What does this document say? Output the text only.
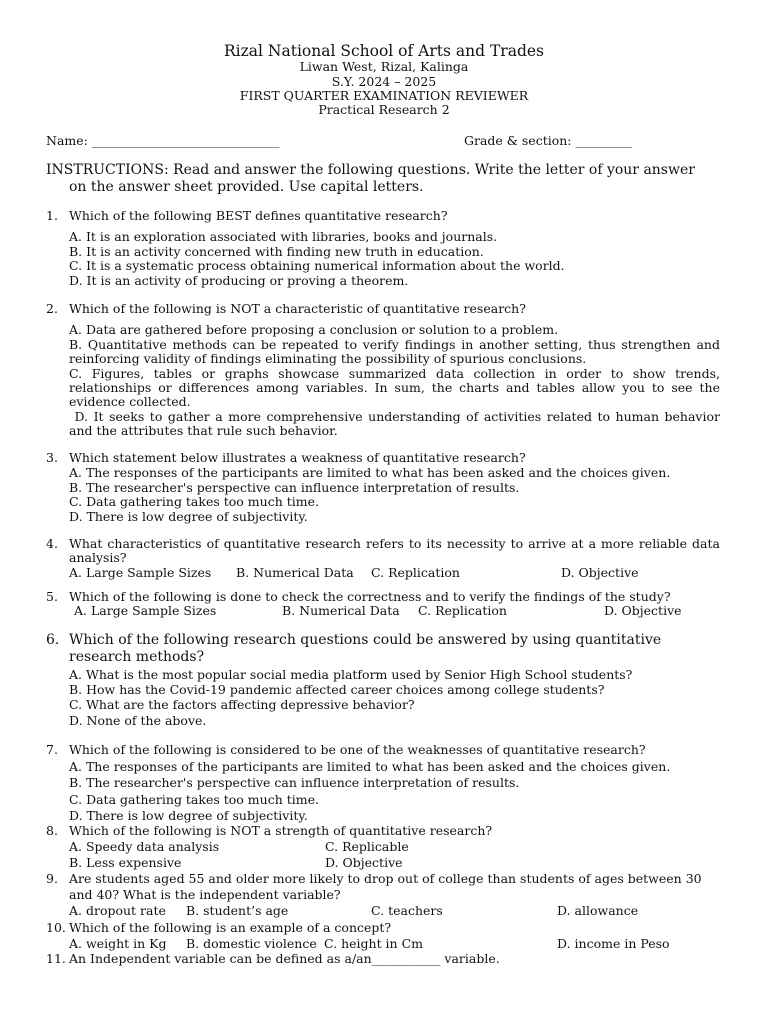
Rizal National School of Arts and Trades
Liwan West, Rizal, Kalinga
S.Y. 2024 – 2025
FIRST QUARTER EXAMINATION REVIEWER
Practical Research 2
Name: ______________________________	Grade & section: _________
INSTRUCTIONS: Read and answer the following questions. Write the letter of your answer
on the answer sheet provided. Use capital letters.
1. Which of the following BEST defines quantitative research?
A. It is an exploration associated with libraries, books and journals.
B. It is an activity concerned with finding new truth in education.
C. It is a systematic process obtaining numerical information about the world.
D. It is an activity of producing or proving a theorem.
2. Which of the following is NOT a characteristic of quantitative research?
A. Data are gathered before proposing a conclusion or solution to a problem.
B. Quantitative methods can be repeated to verify findings in another setting, thus strengthen and reinforcing validity of findings eliminating the possibility of spurious conclusions.
C. Figures, tables or graphs showcase summarized data collection in order to show trends, relationships or differences among variables. In sum, the charts and tables allow you to see the evidence collected.
D. It seeks to gather a more comprehensive understanding of activities related to human behavior and the attributes that rule such behavior.
3. Which statement below illustrates a weakness of quantitative research?
A. The responses of the participants are limited to what has been asked and the choices given.
B. The researcher's perspective can influence interpretation of results.
C. Data gathering takes too much time.
D. There is low degree of subjectivity.
4. What characteristics of quantitative research refers to its necessity to arrive at a more reliable data analysis?
A. Large Sample Sizes B. Numerical Data C. Replication	D. Objective
5. Which of the following is done to check the correctness and to verify the findings of the study?
A. Large Sample Sizes	B. Numerical Data C. Replication	D. Objective
6. Which of the following research questions could be answered by using quantitative research methods?
A. What is the most popular social media platform used by Senior High School students?
B. How has the Covid-19 pandemic affected career choices among college students?
C. What are the factors affecting depressive behavior?
D. None of the above.
7. Which of the following is considered to be one of the weaknesses of quantitative research?
A. The responses of the participants are limited to what has been asked and the choices given.
B. The researcher's perspective can influence interpretation of results.
C. Data gathering takes too much time.
D. There is low degree of subjectivity.
8. Which of the following is NOT a strength of quantitative research?
A. Speedy data analysis	C. Replicable
B. Less expensive	D. Objective
9. Are students aged 55 and older more likely to drop out of college than students of ages between 30 and 40? What is the independent variable?
A. dropout rate B. student’s age	C. teachers	D. allowance
10. Which of the following is an example of a concept?
A. weight in Kg B. domestic violence C. height in Cm	D. income in Peso
11. An Independent variable can be defined as a/an___________ variable.
